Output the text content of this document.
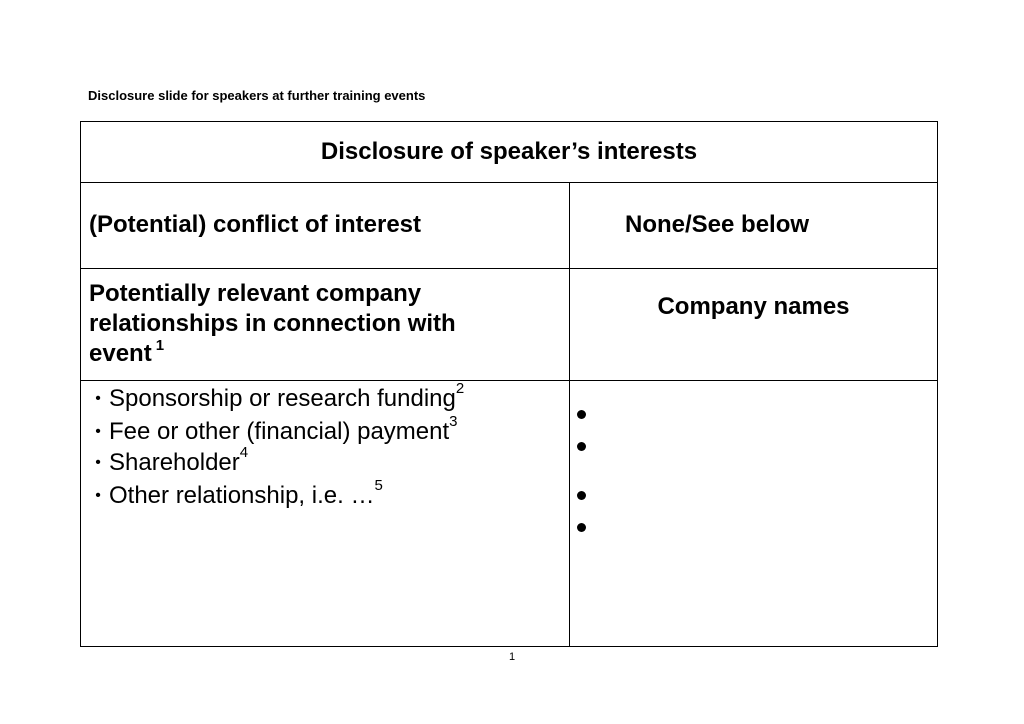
Disclosure slide for speakers at further training events
Disclosure of speaker’s interests
(Potential) conflict of interest	None/See below
Potentially relevant company
relationships in connection with
event $^1$
Company names
• Sponsorship or research funding$^2$
• Fee or other (financial) payment$^3$
• Shareholder$^4$
• Other relationship, i.e. …$^5$
1
